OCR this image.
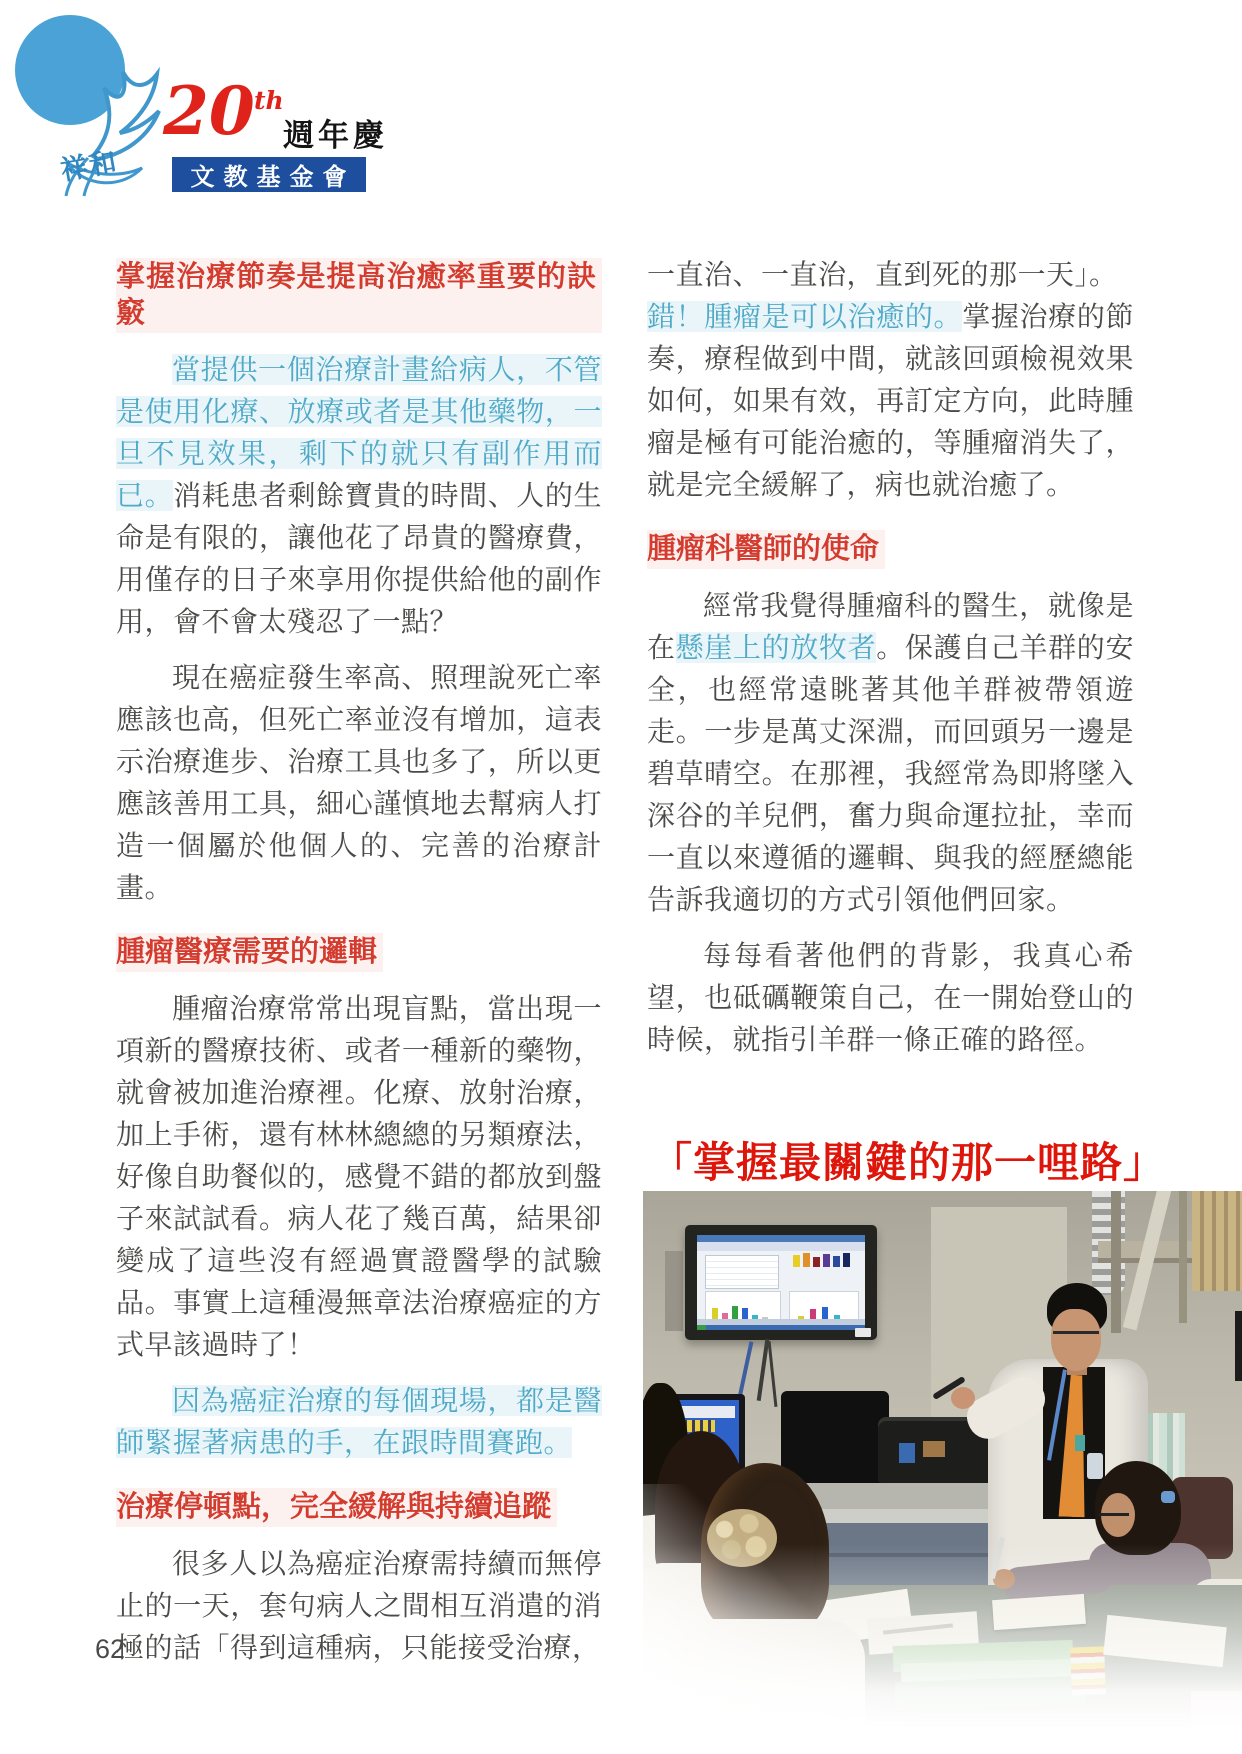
祥和
20 th
週年慶
文教基金會
掌握治療節奏是提高治癒率重要的訣竅

當提供一個治療計畫給病人，不管是使用化療、放療或者是其他藥物，一旦不見效果，剩下的就只有副作用而已。消耗患者剩餘寶貴的時間、人的生命是有限的，讓他花了昂貴的醫療費，用僅存的日子來享用你提供給他的副作用，會不會太殘忍了一點？

現在癌症發生率高、照理說死亡率應該也高，但死亡率並沒有增加，這表示治療進步、治療工具也多了，所以更應該善用工具，細心謹慎地去幫病人打造一個屬於他個人的、完善的治療計畫。

腫瘤醫療需要的邏輯

腫瘤治療常常出現盲點，當出現一項新的醫療技術、或者一種新的藥物，就會被加進治療裡。化療、放射治療，加上手術，還有林林總總的另類療法，好像自助餐似的，感覺不錯的都放到盤子來試試看。病人花了幾百萬，結果卻變成了這些沒有經過實證醫學的試驗品。事實上這種漫無章法治療癌症的方式早該過時了！

因為癌症治療的每個現場，都是醫師緊握著病患的手，在跟時間賽跑。

治療停頓點，完全緩解與持續追蹤

很多人以為癌症治療需持續而無停止的一天，套句病人之間相互消遣的消極的話「得到這種病，只能接受治療，

一直治、一直治，直到死的那一天」。
錯！腫瘤是可以治癒的。掌握治療的節奏，療程做到中間，就該回頭檢視效果如何，如果有效，再訂定方向，此時腫瘤是極有可能治癒的，等腫瘤消失了，就是完全緩解了，病也就治癒了。

腫瘤科醫師的使命

經常我覺得腫瘤科的醫生，就像是在懸崖上的放牧者。保護自己羊群的安全，也經常遠眺著其他羊群被帶領遊走。一步是萬丈深淵，而回頭另一邊是碧草晴空。在那裡，我經常為即將墜入深谷的羊兒們，奮力與命運拉扯，幸而一直以來遵循的邏輯、與我的經歷總能告訴我適切的方式引領他們回家。

每每看著他們的背影，我真心希望，也砥礪鞭策自己，在一開始登山的時候，就指引羊群一條正確的路徑。

「掌握最關鍵的那一哩路」
62
